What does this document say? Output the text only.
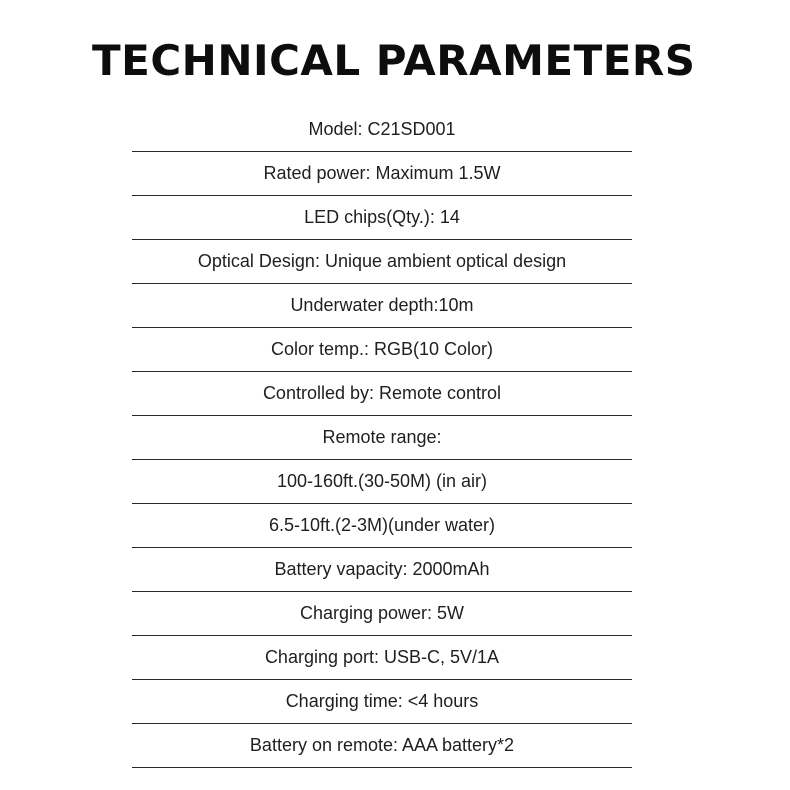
TECHNICAL PARAMETERS
Model: C21SD001
Rated power: Maximum 1.5W
LED chips(Qty.): 14
Optical Design: Unique ambient optical design
Underwater depth:10m
Color temp.: RGB(10 Color)
Controlled by: Remote control
Remote range:
100-160ft.(30-50M) (in air)
6.5-10ft.(2-3M)(under water)
Battery vapacity: 2000mAh
Charging power: 5W
Charging port: USB-C, 5V/1A
Charging time: <4 hours
Battery on remote: AAA battery*2
